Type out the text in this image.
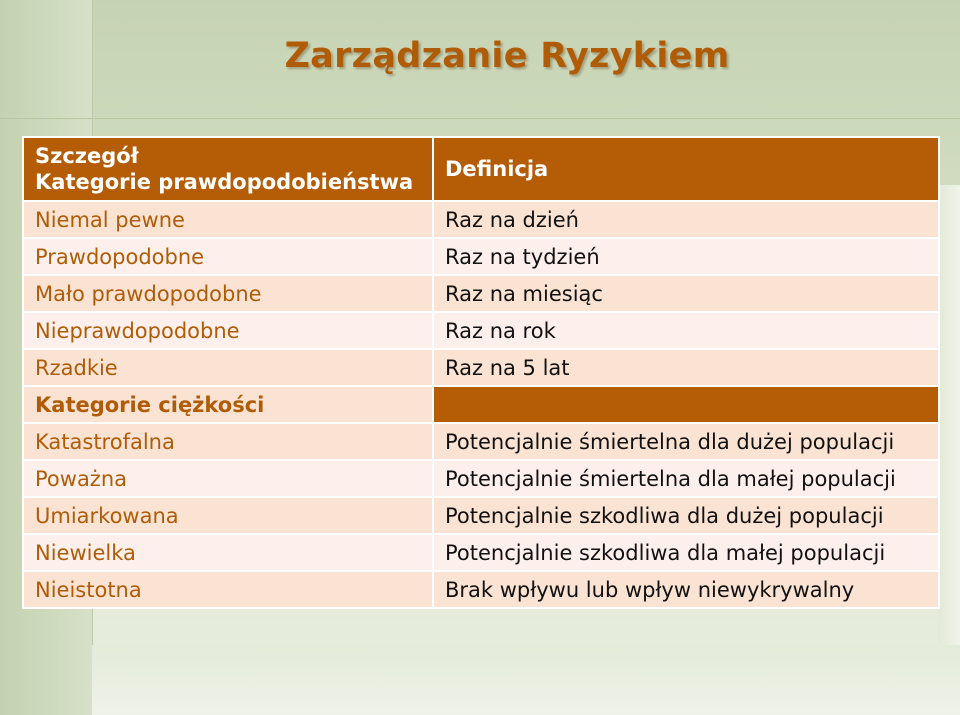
Zarządzanie Ryzykiem
Szczegół
Kategorie prawdopodobieństwa	Definicja
Niemal pewne	Raz na dzień
Prawdopodobne	Raz na tydzień
Mało prawdopodobne	Raz na miesiąc
Nieprawdopodobne	Raz na rok
Rzadkie	Raz na 5 lat
Kategorie ciężkości	
Katastrofalna	Potencjalnie śmiertelna dla dużej populacji
Poważna	Potencjalnie śmiertelna dla małej populacji
Umiarkowana	Potencjalnie szkodliwa dla dużej populacji
Niewielka	Potencjalnie szkodliwa dla małej populacji
Nieistotna	Brak wpływu lub wpływ niewykrywalny
